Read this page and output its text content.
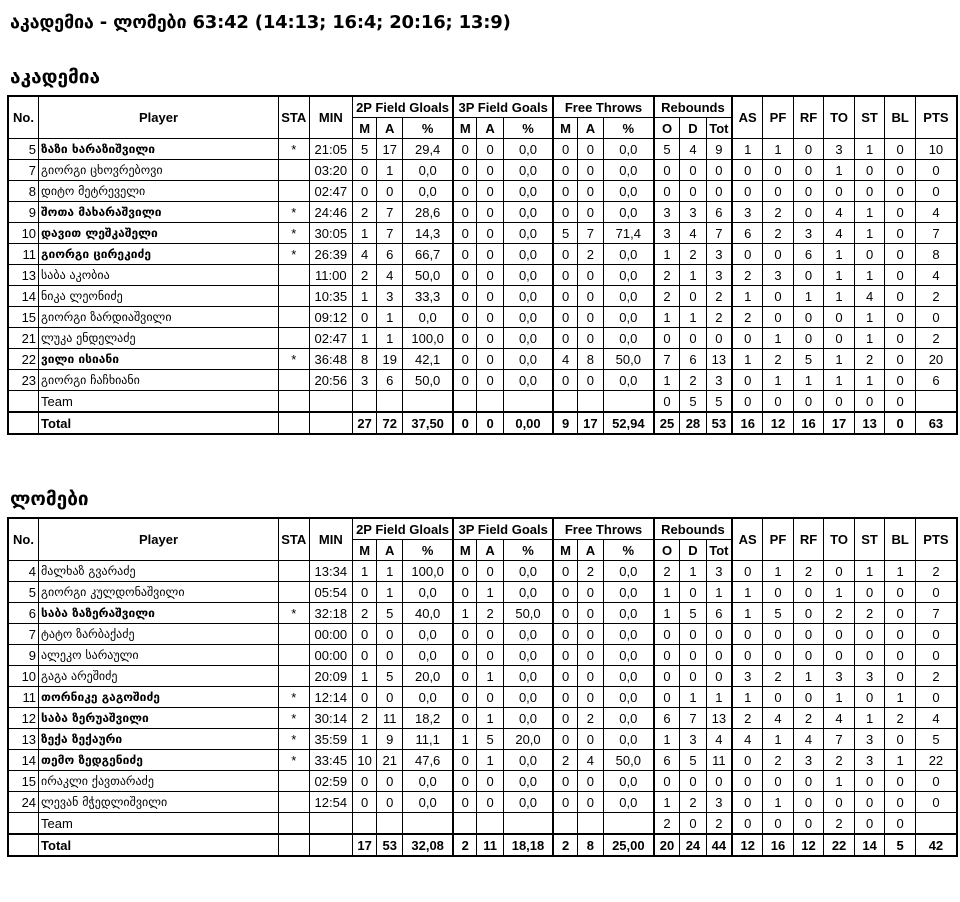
აკადემია - ლომები 63:42 (14:13; 16:4; 20:16; 13:9)
აკადემია
No.	Player	STA	MIN	2P Field Gloals			3P Field Goals			Free Throws			Rebounds			AS	PF	RF	TO	ST	BL	PTS
				M	A	%	M	A	%	M	A	%	O	D	Tot							
5	ზაზი ხარაზიშვილი	*	21:05	5	17	29,4	0	0	0,0	0	0	0,0	5	4	9	1	1	0	3	1	0	10
7	გიორგი ცხოვრებოვი		03:20	0	1	0,0	0	0	0,0	0	0	0,0	0	0	0	0	0	0	1	0	0	0
8	დიტო მეტრეველი		02:47	0	0	0,0	0	0	0,0	0	0	0,0	0	0	0	0	0	0	0	0	0	0
9	შოთა მახარაშვილი	*	24:46	2	7	28,6	0	0	0,0	0	0	0,0	3	3	6	3	2	0	4	1	0	4
10	დავით ლეშკაშელი	*	30:05	1	7	14,3	0	0	0,0	5	7	71,4	3	4	7	6	2	3	4	1	0	7
11	გიორგი ცირეკიძე	*	26:39	4	6	66,7	0	0	0,0	0	2	0,0	1	2	3	0	0	6	1	0	0	8
13	საბა აკობია		11:00	2	4	50,0	0	0	0,0	0	0	0,0	2	1	3	2	3	0	1	1	0	4
14	ნიკა ლეონიძე		10:35	1	3	33,3	0	0	0,0	0	0	0,0	2	0	2	1	0	1	1	4	0	2
15	გიორგი ზარდიაშვილი		09:12	0	1	0,0	0	0	0,0	0	0	0,0	1	1	2	2	0	0	0	1	0	0
21	ლუკა ენდელაძე		02:47	1	1	100,0	0	0	0,0	0	0	0,0	0	0	0	0	1	0	0	1	0	2
22	ვილი ისიანი	*	36:48	8	19	42,1	0	0	0,0	4	8	50,0	7	6	13	1	2	5	1	2	0	20
23	გიორგი ჩაჩხიანი		20:56	3	6	50,0	0	0	0,0	0	0	0,0	1	2	3	0	1	1	1	1	0	6
	Team												0	5	5	0	0	0	0	0	0	
	Total			27	72	37,50	0	0	0,00	9	17	52,94	25	28	53	16	12	16	17	13	0	63
ლომები
No.	Player	STA	MIN	2P Field Gloals			3P Field Goals			Free Throws			Rebounds			AS	PF	RF	TO	ST	BL	PTS
				M	A	%	M	A	%	M	A	%	O	D	Tot							
4	მალხაზ გვარაძე		13:34	1	1	100,0	0	0	0,0	0	2	0,0	2	1	3	0	1	2	0	1	1	2
5	გიორგი კულდონაშვილი		05:54	0	1	0,0	0	1	0,0	0	0	0,0	1	0	1	1	0	0	1	0	0	0
6	საბა ზაზერაშვილი	*	32:18	2	5	40,0	1	2	50,0	0	0	0,0	1	5	6	1	5	0	2	2	0	7
7	ტატო ზარბაქაძე		00:00	0	0	0,0	0	0	0,0	0	0	0,0	0	0	0	0	0	0	0	0	0	0
9	ალეკო სარაული		00:00	0	0	0,0	0	0	0,0	0	0	0,0	0	0	0	0	0	0	0	0	0	0
10	გაგა არეშიძე		20:09	1	5	20,0	0	1	0,0	0	0	0,0	0	0	0	3	2	1	3	3	0	2
11	თორნიკე გაგოშიძე	*	12:14	0	0	0,0	0	0	0,0	0	0	0,0	0	1	1	1	0	0	1	0	1	0
12	საბა ზერუაშვილი	*	30:14	2	11	18,2	0	1	0,0	0	2	0,0	6	7	13	2	4	2	4	1	2	4
13	ზექა ზექაური	*	35:59	1	9	11,1	1	5	20,0	0	0	0,0	1	3	4	4	1	4	7	3	0	5
14	თემო ზედგენიძე	*	33:45	10	21	47,6	0	1	0,0	2	4	50,0	6	5	11	0	2	3	2	3	1	22
15	ირაკლი ქავთარაძე		02:59	0	0	0,0	0	0	0,0	0	0	0,0	0	0	0	0	0	0	1	0	0	0
24	ლევან მჭედლიშვილი		12:54	0	0	0,0	0	0	0,0	0	0	0,0	1	2	3	0	1	0	0	0	0	0
	Team												2	0	2	0	0	0	2	0	0	
	Total			17	53	32,08	2	11	18,18	2	8	25,00	20	24	44	12	16	12	22	14	5	42
